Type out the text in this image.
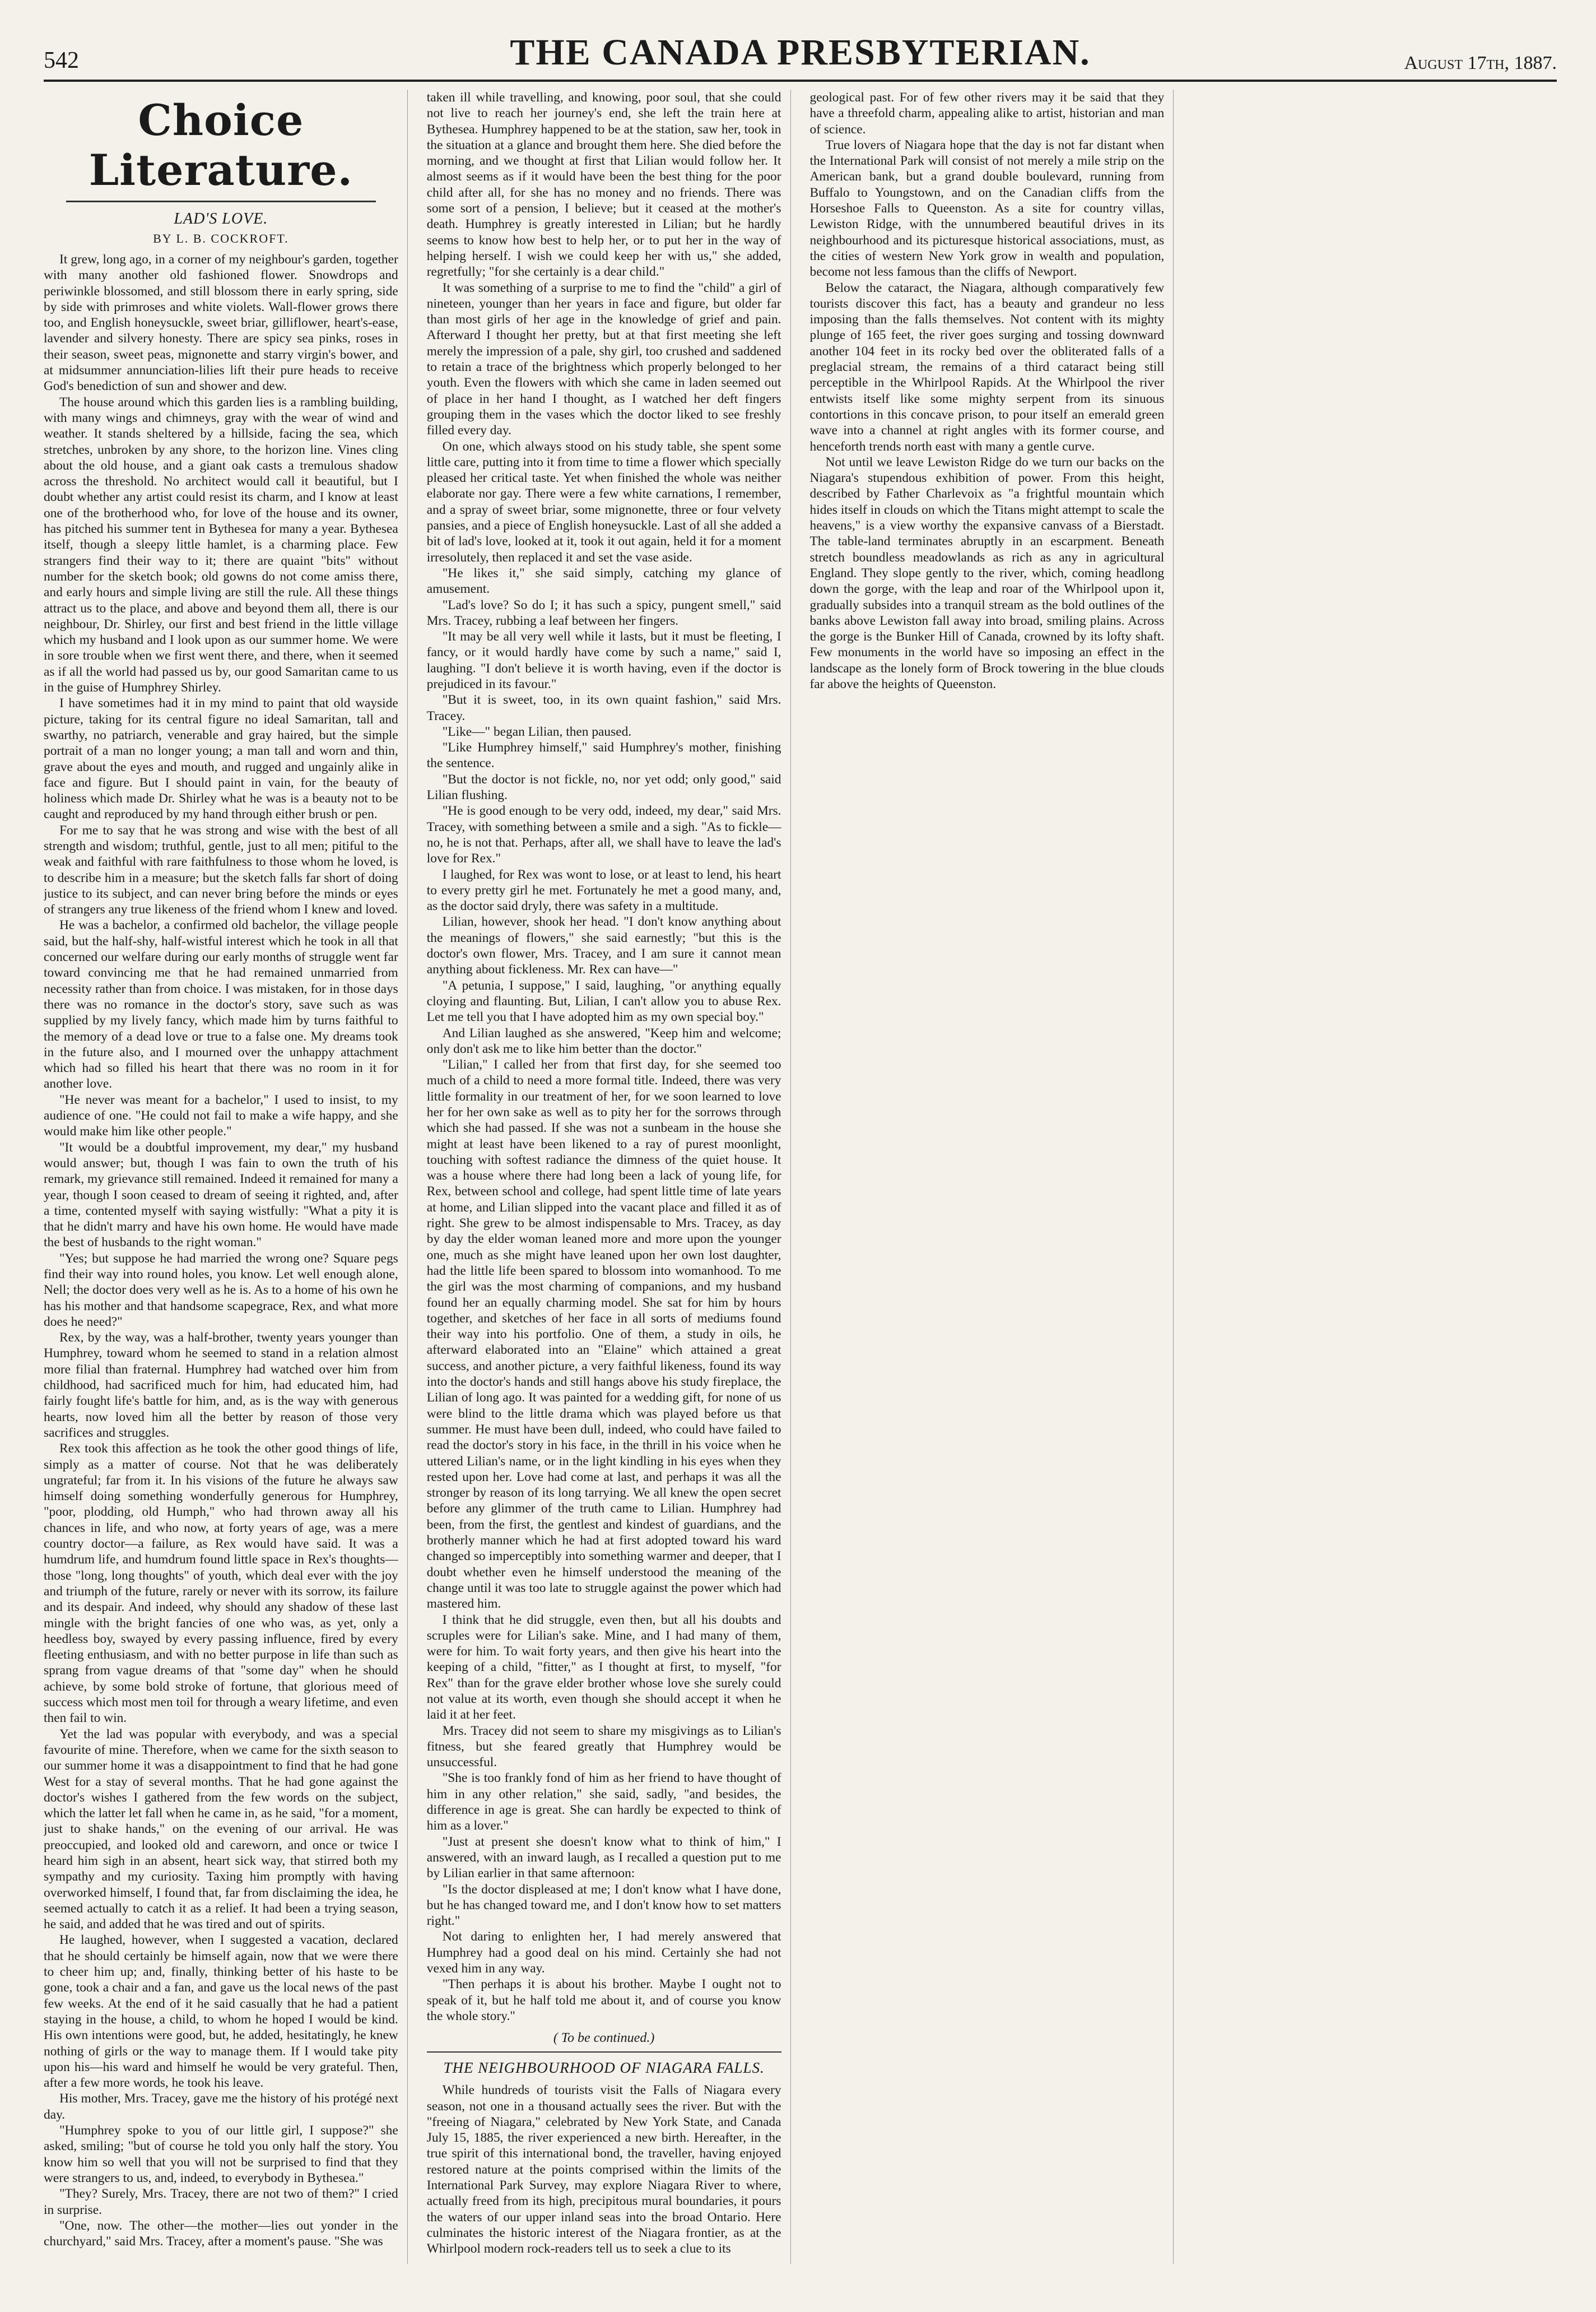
542	THE CANADA PRESBYTERIAN.	August 17th, 1887.
Choice Literature.
LAD'S LOVE.
BY L. B. COCKROFT.

It grew, long ago, in a corner of my neighbour's garden, together with many another old fashioned flower. Snowdrops and periwinkle blossomed, and still blossom there in early spring, side by side with primroses and white violets. Wall-flower grows there too, and English honeysuckle, sweet briar, gilliflower, heart's-ease, lavender and silvery honesty. There are spicy sea pinks, roses in their season, sweet peas, mignonette and starry virgin's bower, and at midsummer annunciation-lilies lift their pure heads to receive God's benediction of sun and shower and dew.

The house around which this garden lies is a rambling building, with many wings and chimneys, gray with the wear of wind and weather. It stands sheltered by a hillside, facing the sea, which stretches, unbroken by any shore, to the horizon line. Vines cling about the old house, and a giant oak casts a tremulous shadow across the threshold. No architect would call it beautiful, but I doubt whether any artist could resist its charm, and I know at least one of the brotherhood who, for love of the house and its owner, has pitched his summer tent in Bythesea for many a year. Bythesea itself, though a sleepy little hamlet, is a charming place. Few strangers find their way to it; there are quaint "bits" without number for the sketch book; old gowns do not come amiss there, and early hours and simple living are still the rule. All these things attract us to the place, and above and beyond them all, there is our neighbour, Dr. Shirley, our first and best friend in the little village which my husband and I look upon as our summer home. We were in sore trouble when we first went there, and there, when it seemed as if all the world had passed us by, our good Samaritan came to us in the guise of Humphrey Shirley.

I have sometimes had it in my mind to paint that old wayside picture, taking for its central figure no ideal Samaritan, tall and swarthy, no patriarch, venerable and gray haired, but the simple portrait of a man no longer young; a man tall and worn and thin, grave about the eyes and mouth, and rugged and ungainly alike in face and figure. But I should paint in vain, for the beauty of holiness which made Dr. Shirley what he was is a beauty not to be caught and reproduced by my hand through either brush or pen.

For me to say that he was strong and wise with the best of all strength and wisdom; truthful, gentle, just to all men; pitiful to the weak and faithful with rare faithfulness to those whom he loved, is to describe him in a measure; but the sketch falls far short of doing justice to its subject, and can never bring before the minds or eyes of strangers any true likeness of the friend whom I knew and loved.

He was a bachelor, a confirmed old bachelor, the village people said, but the half-shy, half-wistful interest which he took in all that concerned our welfare during our early months of struggle went far toward convincing me that he had remained unmarried from necessity rather than from choice. I was mistaken, for in those days there was no romance in the doctor's story, save such as was supplied by my lively fancy, which made him by turns faithful to the memory of a dead love or true to a false one. My dreams took in the future also, and I mourned over the unhappy attachment which had so filled his heart that there was no room in it for another love.

"He never was meant for a bachelor," I used to insist, to my audience of one. "He could not fail to make a wife happy, and she would make him like other people."

"It would be a doubtful improvement, my dear," my husband would answer; but, though I was fain to own the truth of his remark, my grievance still remained. Indeed it remained for many a year, though I soon ceased to dream of seeing it righted, and, after a time, contented myself with saying wistfully: "What a pity it is that he didn't marry and have his own home. He would have made the best of husbands to the right woman."

"Yes; but suppose he had married the wrong one? Square pegs find their way into round holes, you know. Let well enough alone, Nell; the doctor does very well as he is. As to a home of his own he has his mother and that handsome scapegrace, Rex, and what more does he need?"

Rex, by the way, was a half-brother, twenty years younger than Humphrey, toward whom he seemed to stand in a relation almost more filial than fraternal. Humphrey had watched over him from childhood, had sacrificed much for him, had educated him, had fairly fought life's battle for him, and, as is the way with generous hearts, now loved him all the better by reason of those very sacrifices and struggles.

Rex took this affection as he took the other good things of life, simply as a matter of course. Not that he was deliberately ungrateful; far from it. In his visions of the future he always saw himself doing something wonderfully generous for Humphrey, "poor, plodding, old Humph," who had thrown away all his chances in life, and who now, at forty years of age, was a mere country doctor—a failure, as Rex would have said. It was a humdrum life, and humdrum found little space in Rex's thoughts—those "long, long thoughts" of youth, which deal ever with the joy and triumph of the future, rarely or never with its sorrow, its failure and its despair. And indeed, why should any shadow of these last mingle with the bright fancies of one who was, as yet, only a heedless boy, swayed by every passing influence, fired by every fleeting enthusiasm, and with no better purpose in life than such as sprang from vague dreams of that "some day" when he should achieve, by some bold stroke of fortune, that glorious meed of success which most men toil for through a weary lifetime, and even then fail to win.

Yet the lad was popular with everybody, and was a special favourite of mine. Therefore, when we came for the sixth season to our summer home it was a disappointment to find that he had gone West for a stay of several months. That he had gone against the doctor's wishes I gathered from the few words on the subject, which the latter let fall when he came in, as he said, "for a moment, just to shake hands," on the evening of our arrival. He was preoccupied, and looked old and careworn, and once or twice I heard him sigh in an absent, heart sick way, that stirred both my sympathy and my curiosity. Taxing him promptly with having overworked himself, I found that, far from disclaiming the idea, he seemed actually to catch it as a relief. It had been a trying season, he said, and added that he was tired and out of spirits.

He laughed, however, when I suggested a vacation, declared that he should certainly be himself again, now that we were there to cheer him up; and, finally, thinking better of his haste to be gone, took a chair and a fan, and gave us the local news of the past few weeks. At the end of it he said casually that he had a patient staying in the house, a child, to whom he hoped I would be kind. His own intentions were good, but, he added, hesitatingly, he knew nothing of girls or the way to manage them. If I would take pity upon his—his ward and himself he would be very grateful. Then, after a few more words, he took his leave.

His mother, Mrs. Tracey, gave me the history of his protégé next day.

"Humphrey spoke to you of our little girl, I suppose?" she asked, smiling; "but of course he told you only half the story. You know him so well that you will not be surprised to find that they were strangers to us, and, indeed, to everybody in Bythesea."

"They? Surely, Mrs. Tracey, there are not two of them?" I cried in surprise.

"One, now. The other—the mother—lies out yonder in the churchyard," said Mrs. Tracey, after a moment's pause. "She was

taken ill while travelling, and knowing, poor soul, that she could not live to reach her journey's end, she left the train here at Bythesea. Humphrey happened to be at the station, saw her, took in the situation at a glance and brought them here. She died before the morning, and we thought at first that Lilian would follow her. It almost seems as if it would have been the best thing for the poor child after all, for she has no money and no friends. There was some sort of a pension, I believe; but it ceased at the mother's death. Humphrey is greatly interested in Lilian; but he hardly seems to know how best to help her, or to put her in the way of helping herself. I wish we could keep her with us," she added, regretfully; "for she certainly is a dear child."

It was something of a surprise to me to find the "child" a girl of nineteen, younger than her years in face and figure, but older far than most girls of her age in the knowledge of grief and pain. Afterward I thought her pretty, but at that first meeting she left merely the impression of a pale, shy girl, too crushed and saddened to retain a trace of the brightness which properly belonged to her youth. Even the flowers with which she came in laden seemed out of place in her hand I thought, as I watched her deft fingers grouping them in the vases which the doctor liked to see freshly filled every day.

On one, which always stood on his study table, she spent some little care, putting into it from time to time a flower which specially pleased her critical taste. Yet when finished the whole was neither elaborate nor gay. There were a few white carnations, I remember, and a spray of sweet briar, some mignonette, three or four velvety pansies, and a piece of English honeysuckle. Last of all she added a bit of lad's love, looked at it, took it out again, held it for a moment irresolutely, then replaced it and set the vase aside.

"He likes it," she said simply, catching my glance of amusement.

"Lad's love? So do I; it has such a spicy, pungent smell," said Mrs. Tracey, rubbing a leaf between her fingers.

"It may be all very well while it lasts, but it must be fleeting, I fancy, or it would hardly have come by such a name," said I, laughing. "I don't believe it is worth having, even if the doctor is prejudiced in its favour."

"But it is sweet, too, in its own quaint fashion," said Mrs. Tracey.

"Like—" began Lilian, then paused.

"Like Humphrey himself," said Humphrey's mother, finishing the sentence.

"But the doctor is not fickle, no, nor yet odd; only good," said Lilian flushing.

"He is good enough to be very odd, indeed, my dear," said Mrs. Tracey, with something between a smile and a sigh. "As to fickle—no, he is not that. Perhaps, after all, we shall have to leave the lad's love for Rex."

I laughed, for Rex was wont to lose, or at least to lend, his heart to every pretty girl he met. Fortunately he met a good many, and, as the doctor said dryly, there was safety in a multitude.

Lilian, however, shook her head. "I don't know anything about the meanings of flowers," she said earnestly; "but this is the doctor's own flower, Mrs. Tracey, and I am sure it cannot mean anything about fickleness. Mr. Rex can have—"

"A petunia, I suppose," I said, laughing, "or anything equally cloying and flaunting. But, Lilian, I can't allow you to abuse Rex. Let me tell you that I have adopted him as my own special boy."

And Lilian laughed as she answered, "Keep him and welcome; only don't ask me to like him better than the doctor."

"Lilian," I called her from that first day, for she seemed too much of a child to need a more formal title. Indeed, there was very little formality in our treatment of her, for we soon learned to love her for her own sake as well as to pity her for the sorrows through which she had passed. If she was not a sunbeam in the house she might at least have been likened to a ray of purest moonlight, touching with softest radiance the dimness of the quiet house. It was a house where there had long been a lack of young life, for Rex, between school and college, had spent little time of late years at home, and Lilian slipped into the vacant place and filled it as of right. She grew to be almost indispensable to Mrs. Tracey, as day by day the elder woman leaned more and more upon the younger one, much as she might have leaned upon her own lost daughter, had the little life been spared to blossom into womanhood. To me the girl was the most charming of companions, and my husband found her an equally charming model. She sat for him by hours together, and sketches of her face in all sorts of mediums found their way into his portfolio. One of them, a study in oils, he afterward elaborated into an "Elaine" which attained a great success, and another picture, a very faithful likeness, found its way into the doctor's hands and still hangs above his study fireplace, the Lilian of long ago. It was painted for a wedding gift, for none of us were blind to the little drama which was played before us that summer. He must have been dull, indeed, who could have failed to read the doctor's story in his face, in the thrill in his voice when he uttered Lilian's name, or in the light kindling in his eyes when they rested upon her. Love had come at last, and perhaps it was all the stronger by reason of its long tarrying. We all knew the open secret before any glimmer of the truth came to Lilian. Humphrey had been, from the first, the gentlest and kindest of guardians, and the brotherly manner which he had at first adopted toward his ward changed so imperceptibly into something warmer and deeper, that I doubt whether even he himself understood the meaning of the change until it was too late to struggle against the power which had mastered him.

I think that he did struggle, even then, but all his doubts and scruples were for Lilian's sake. Mine, and I had many of them, were for him. To wait forty years, and then give his heart into the keeping of a child, "fitter," as I thought at first, to myself, "for Rex" than for the grave elder brother whose love she surely could not value at its worth, even though she should accept it when he laid it at her feet.

Mrs. Tracey did not seem to share my misgivings as to Lilian's fitness, but she feared greatly that Humphrey would be unsuccessful.

"She is too frankly fond of him as her friend to have thought of him in any other relation," she said, sadly, "and besides, the difference in age is great. She can hardly be expected to think of him as a lover."

"Just at present she doesn't know what to think of him," I answered, with an inward laugh, as I recalled a question put to me by Lilian earlier in that same afternoon:

"Is the doctor displeased at me; I don't know what I have done, but he has changed toward me, and I don't know how to set matters right."

Not daring to enlighten her, I had merely answered that Humphrey had a good deal on his mind. Certainly she had not vexed him in any way.

"Then perhaps it is about his brother. Maybe I ought not to speak of it, but he half told me about it, and of course you know the whole story."

( To be continued.)
THE NEIGHBOURHOOD OF NIAGARA FALLS.

While hundreds of tourists visit the Falls of Niagara every season, not one in a thousand actually sees the river. But with the "freeing of Niagara," celebrated by New York State, and Canada July 15, 1885, the river experienced a new birth. Hereafter, in the true spirit of this international bond, the traveller, having enjoyed restored nature at the points comprised within the limits of the International Park Survey, may explore Niagara River to where, actually freed from its high, precipitous mural boundaries, it pours the waters of our upper inland seas into the broad Ontario. Here culminates the historic interest of the Niagara frontier, as at the Whirlpool modern rock-readers tell us to seek a clue to its

geological past. For of few other rivers may it be said that they have a threefold charm, appealing alike to artist, historian and man of science.

True lovers of Niagara hope that the day is not far distant when the International Park will consist of not merely a mile strip on the American bank, but a grand double boulevard, running from Buffalo to Youngstown, and on the Canadian cliffs from the Horseshoe Falls to Queenston. As a site for country villas, Lewiston Ridge, with the unnumbered beautiful drives in its neighbourhood and its picturesque historical associations, must, as the cities of western New York grow in wealth and population, become not less famous than the cliffs of Newport.

Below the cataract, the Niagara, although comparatively few tourists discover this fact, has a beauty and grandeur no less imposing than the falls themselves. Not content with its mighty plunge of 165 feet, the river goes surging and tossing downward another 104 feet in its rocky bed over the obliterated falls of a preglacial stream, the remains of a third cataract being still perceptible in the Whirlpool Rapids. At the Whirlpool the river entwists itself like some mighty serpent from its sinuous contortions in this concave prison, to pour itself an emerald green wave into a channel at right angles with its former course, and henceforth trends north east with many a gentle curve.

Not until we leave Lewiston Ridge do we turn our backs on the Niagara's stupendous exhibition of power. From this height, described by Father Charlevoix as "a frightful mountain which hides itself in clouds on which the Titans might attempt to scale the heavens," is a view worthy the expansive canvass of a Bierstadt. The table-land terminates abruptly in an escarpment. Beneath stretch boundless meadowlands as rich as any in agricultural England. They slope gently to the river, which, coming headlong down the gorge, with the leap and roar of the Whirlpool upon it, gradually subsides into a tranquil stream as the bold outlines of the banks above Lewiston fall away into broad, smiling plains. Across the gorge is the Bunker Hill of Canada, crowned by its lofty shaft. Few monuments in the world have so imposing an effect in the landscape as the lonely form of Brock towering in the blue clouds far above the heights of Queenston.
